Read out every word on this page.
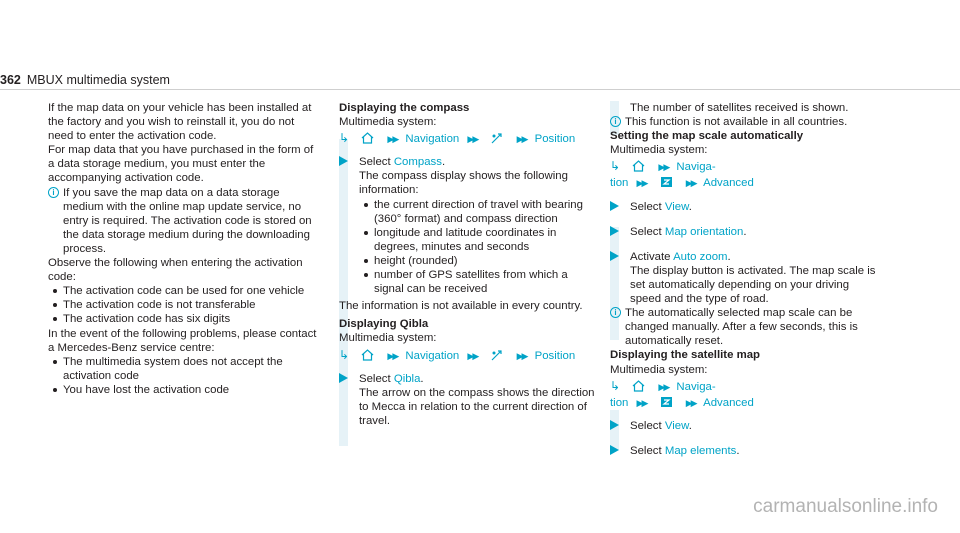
362 MBUX multimedia system

If the map data on your vehicle has been installed at the factory and you wish to reinstall it, you do not need to enter the activation code.

For map data that you have purchased in the form of a data storage medium, you must enter the accompanying activation code.

i If you save the map data on a data storage medium with the online map update service, no entry is required. The activation code is stored on the data storage medium during the downloading process.

Observe the following when entering the activation code:

The activation code can be used for one vehicle
The activation code is not transferable
The activation code has six digits

In the event of the following problems, please contact a Mercedes-Benz service centre:

The multimedia system does not accept the activation code
You have lost the activation code

Displaying the compass

Multimedia system:

↳	▶▶ Navigation ▶▶	▶▶ Position

Select Compass.

The compass display shows the following information:

the current direction of travel with bearing (360° format) and compass direction
longitude and latitude coordinates in degrees, minutes and seconds
height (rounded)
number of GPS satellites from which a signal can be received

The information is not available in every country.

Displaying Qibla

Multimedia system:

↳	▶▶ Navigation ▶▶	▶▶ Position

Select Qibla.

The arrow on the compass shows the direction to Mecca in relation to the current direction of travel.

The number of satellites received is shown.

i This function is not available in all countries.

Setting the map scale automatically

Multimedia system:

↳	▶▶ Naviga-
tion ▶▶	▶▶ Advanced

Select View.

Select Map orientation.

Activate Auto zoom.

The display button is activated. The map scale is set automatically depending on your driving speed and the type of road.

i The automatically selected map scale can be changed manually. After a few seconds, this is automatically reset.

Displaying the satellite map

Multimedia system:

↳	▶▶ Naviga-
tion ▶▶	▶▶ Advanced

Select View.

Select Map elements.

carmanualsonline.info
